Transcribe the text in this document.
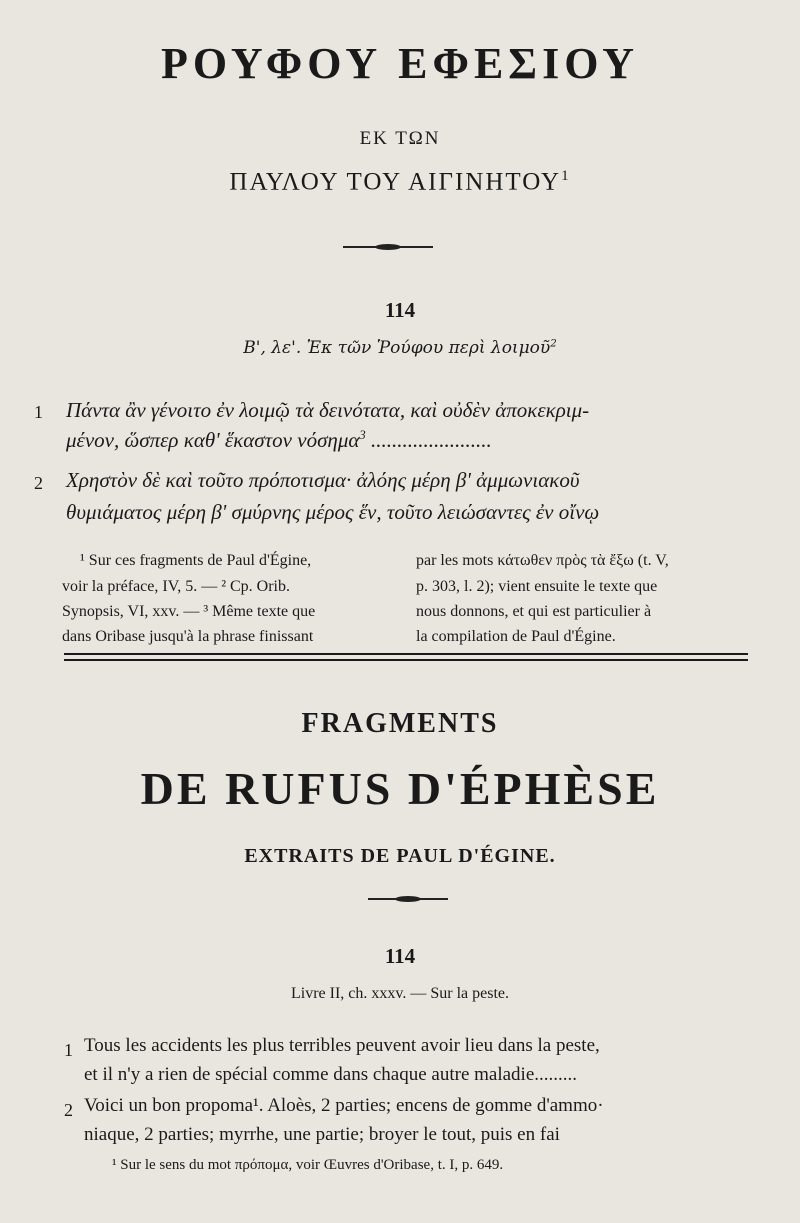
ΡΟΥΦΟΥ ΕΦΕΣΙΟΥ
ΕΚ ΤΩΝ
ΠΑΥΛΟΥ ΤΟΥ ΑΙΓΙΝΗΤΟΥ$^1$
114
Β', λε'. Ἐκ τῶν Ῥούφου περὶ λοιμοῦ$^2$
1 Πάντα ἂν γένοιτο ἐν λοιμῷ τὰ δεινότατα, καὶ οὐδὲν ἀποκεκριμ-
μένον, ὥσπερ καθ' ἕκαστον νόσημα$^3$ .......................
2 Χρηστὸν δὲ καὶ τοῦτο πρόποτισμα· ἀλόης μέρη β' ἀμμωνιακοῦ
θυμιάματος μέρη β' σμύρνης μέρος ἕν, τοῦτο λειώσαντες ἐν οἴνῳ
¹ Sur ces fragments de Paul d'Égine,
voir la préface, IV, 5. — ² Cp. Orib.
Synopsis, VI, xxv. — ³ Même texte que
dans Oribase jusqu'à la phrase finissant
par les mots κάτωθεν πρὸς τὰ ἔξω (t. V,
p. 303, l. 2); vient ensuite le texte que
nous donnons, et qui est particulier à
la compilation de Paul d'Égine.
FRAGMENTS
DE RUFUS D'ÉPHÈSE
EXTRAITS DE PAUL D'ÉGINE.
114
Livre II, ch. xxxv. — Sur la peste.
1 Tous les accidents les plus terribles peuvent avoir lieu dans la peste,
et il n'y a rien de spécial comme dans chaque autre maladie.........
2 Voici un bon propoma¹. Aloès, 2 parties; encens de gomme d'ammo·
niaque, 2 parties; myrrhe, une partie; broyer le tout, puis en fai
¹ Sur le sens du mot πρόπομα, voir Œuvres d'Oribase, t. I, p. 649.
